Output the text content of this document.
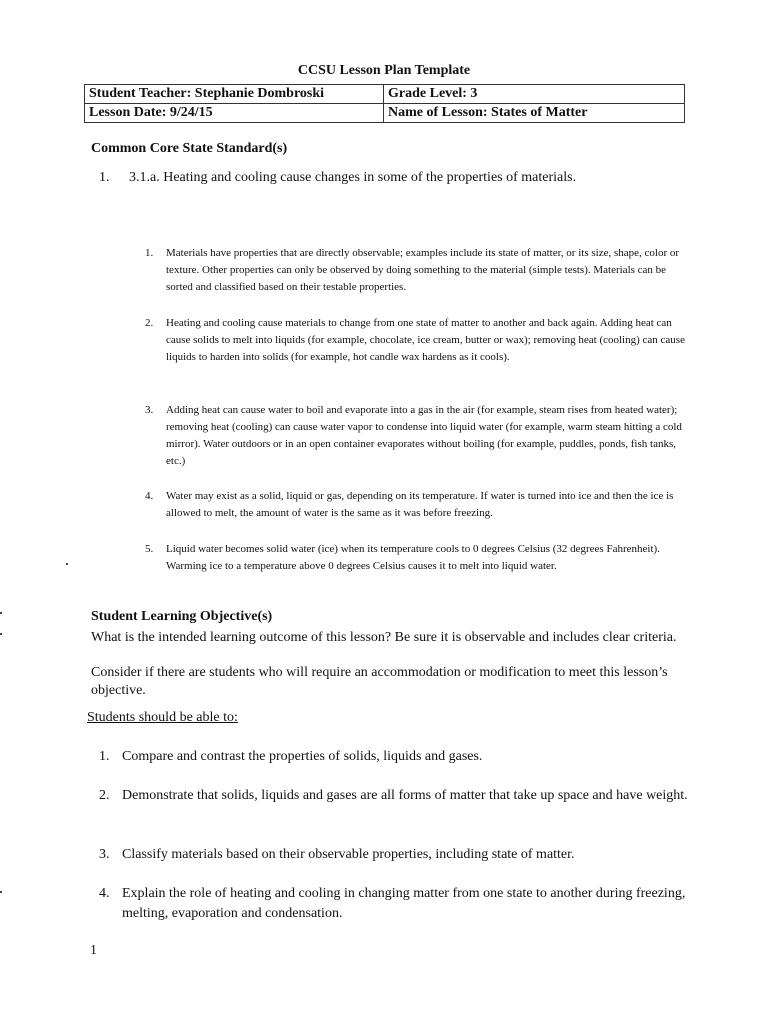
CCSU Lesson Plan Template
Student Teacher: Stephanie Dombroski	Grade Level: 3
Lesson Date: 9/24/15	Name of Lesson: States of Matter
Common Core State Standard(s)
1. 3.1.a. Heating and cooling cause changes in some of the properties of materials.
1. Materials have properties that are directly observable; examples include its state of matter, or its size, shape, color or texture. Other properties can only be observed by doing something to the material (simple tests). Materials can be sorted and classified based on their testable properties.
2. Heating and cooling cause materials to change from one state of matter to another and back again. Adding heat can cause solids to melt into liquids (for example, chocolate, ice cream, butter or wax); removing heat (cooling) can cause liquids to harden into solids (for example, hot candle wax hardens as it cools).
3. Adding heat can cause water to boil and evaporate into a gas in the air (for example, steam rises from heated water); removing heat (cooling) can cause water vapor to condense into liquid water (for example, warm steam hitting a cold mirror). Water outdoors or in an open container evaporates without boiling (for example, puddles, ponds, fish tanks, etc.)
4. Water may exist as a solid, liquid or gas, depending on its temperature. If water is turned into ice and then the ice is allowed to melt, the amount of water is the same as it was before freezing.
5. Liquid water becomes solid water (ice) when its temperature cools to 0 degrees Celsius (32 degrees Fahrenheit). Warming ice to a temperature above 0 degrees Celsius causes it to melt into liquid water.
Student Learning Objective(s)

What is the intended learning outcome of this lesson? Be sure it is observable and includes clear criteria.

Consider if there are students who will require an accommodation or modification to meet this lesson’s objective.

Students should be able to:

1. Compare and contrast the properties of solids, liquids and gases.
2. Demonstrate that solids, liquids and gases are all forms of matter that take up space and have weight.
3. Classify materials based on their observable properties, including state of matter.
4. Explain the role of heating and cooling in changing matter from one state to another during freezing, melting, evaporation and condensation.
1
